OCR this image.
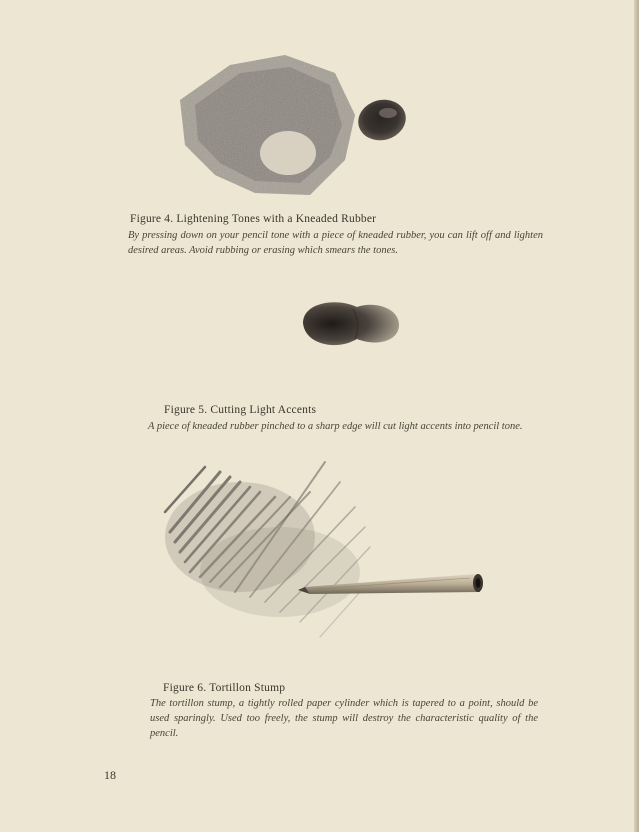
Figure 4. Lightening Tones with a Kneaded Rubber
By pressing down on your pencil tone with a piece of kneaded rubber, you can lift off and lighten desired areas. Avoid rubbing or erasing which smears the tones.
Figure 5. Cutting Light Accents
A piece of kneaded rubber pinched to a sharp edge will cut light accents into pencil tone.
Figure 6. Tortillon Stump
The tortillon stump, a tightly rolled paper cylinder which is tapered to a point, should be used sparingly. Used too freely, the stump will destroy the characteristic quality of the pencil.
18
